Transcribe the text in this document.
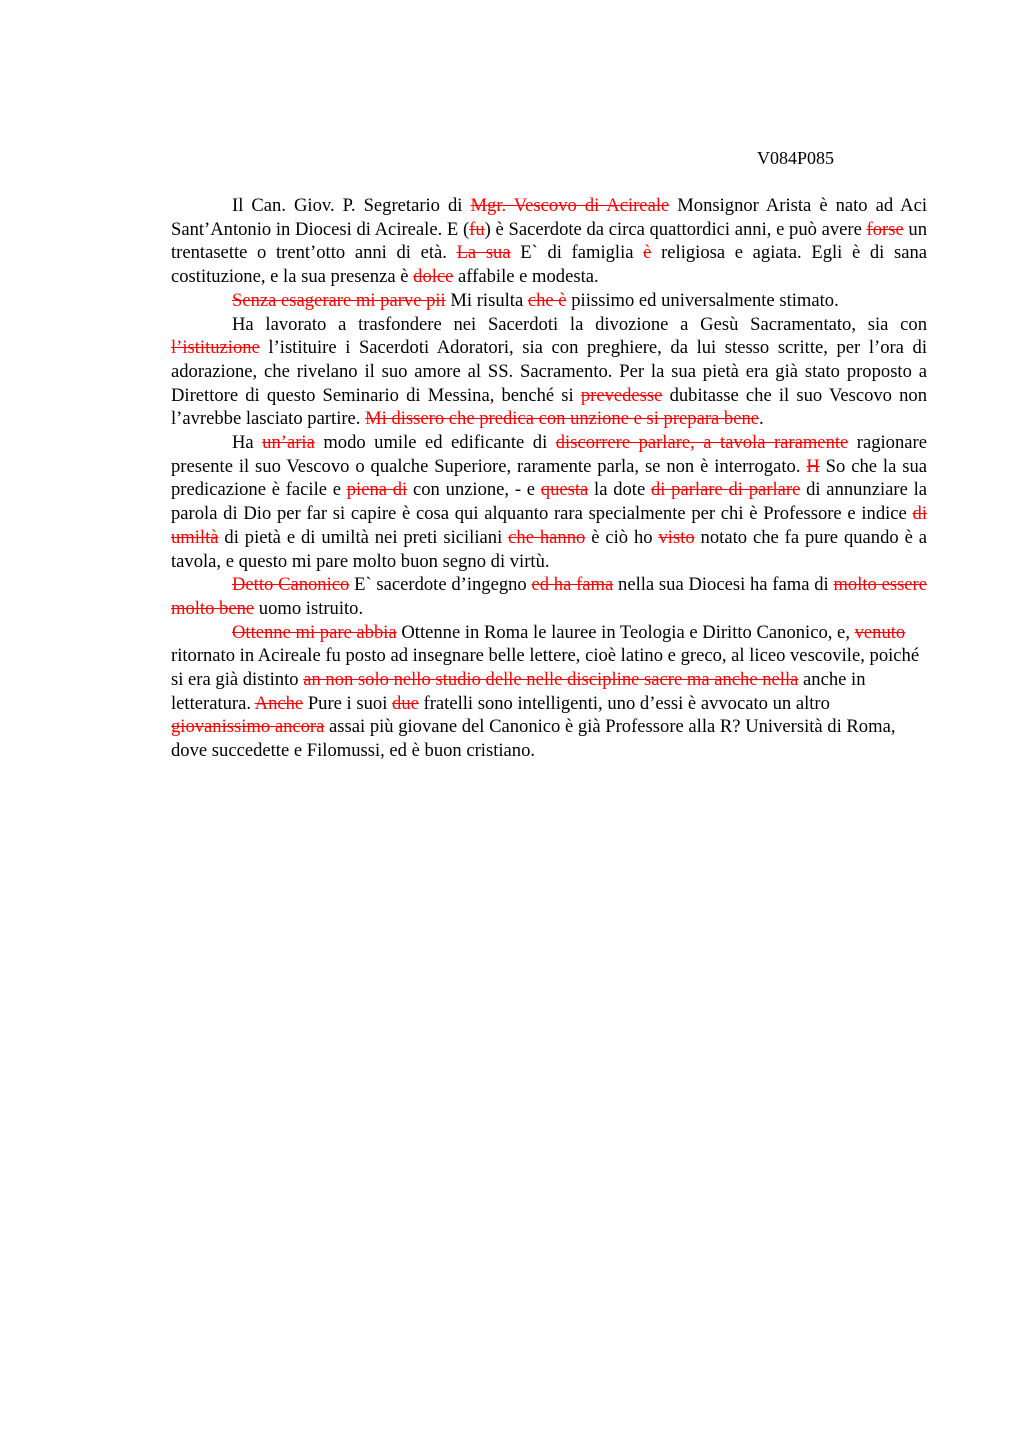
V084P085

Il Can. Giov. P. Segretario di Mgr. Vescovo di Acireale Monsignor Arista è nato ad Aci Sant’Antonio in Diocesi di Acireale. E (fu) è Sacerdote da circa quattordici anni, e può avere forse un trentasette o trent’otto anni di età. La sua E` di famiglia è religiosa e agiata. Egli è di sana costituzione, e la sua presenza è dolce affabile e modesta.

Senza esagerare mi parve pii Mi risulta che è piissimo ed universalmente stimato.

Ha lavorato a trasfondere nei Sacerdoti la divozione a Gesù Sacramentato, sia con l’istituzione l’istituire i Sacerdoti Adoratori, sia con preghiere, da lui stesso scritte, per l’ora di adorazione, che rivelano il suo amore al SS. Sacramento. Per la sua pietà era già stato proposto a Direttore di questo Seminario di Messina, benché si prevedesse dubitasse che il suo Vescovo non l’avrebbe lasciato partire. Mi dissero che predica con unzione e si prepara bene.

Ha un’aria modo umile ed edificante di discorrere parlare, a tavola raramente ragionare presente il suo Vescovo o qualche Superiore, raramente parla, se non è interrogato. H So che la sua predicazione è facile e piena di con unzione, - e questa la dote di parlare di parlare di annunziare la parola di Dio per far si capire è cosa qui alquanto rara specialmente per chi è Professore e indice di umiltà di pietà e di umiltà nei preti siciliani che hanno è ciò ho visto notato che fa pure quando è a tavola, e questo mi pare molto buon segno di virtù.

Detto Canonico E` sacerdote d’ingegno ed ha fama nella sua Diocesi ha fama di molto essere molto bene uomo istruito.

Ottenne mi pare abbia Ottenne in Roma le lauree in Teologia e Diritto Canonico, e, venuto ritornato in Acireale fu posto ad insegnare belle lettere, cioè latino e greco, al liceo vescovile, poiché si era già distinto an non solo nello studio delle nelle discipline sacre ma anche nella anche in letteratura. Anche Pure i suoi due fratelli sono intelligenti, uno d’essi è avvocato un altro giovanissimo ancora assai più giovane del Canonico è già Professore alla R? Università di Roma, dove succedette e Filomussi, ed è buon cristiano.
